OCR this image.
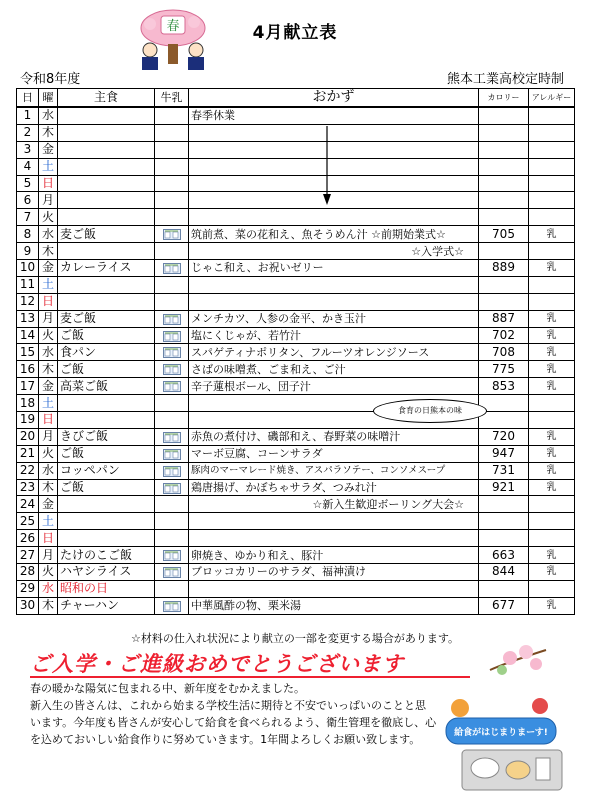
4月献立表
春
令和8年度	熊本工業高校定時制
日	曜	主食	牛乳	おかず	カロリー	アレルギー
1	水			春季休業		
2	木					
3	金					
4	土					
5	日					
6	月					
7	火					
8	水	麦ご飯		筑前煮、菜の花和え、魚そうめん汁 ☆前期始業式☆	705	乳
9	木			☆入学式☆		
10	金	カレーライス		じゃこ和え、お祝いゼリー	889	乳
11	土					
12	日					
13	月	麦ご飯		メンチカツ、人参の金平、かき玉汁	887	乳
14	火	ご飯		塩にくじゃが、若竹汁	702	乳
15	水	食パン		スパゲティナポリタン、フルーツオレンジソース	708	乳
16	木	ご飯		さばの味噌煮、ごま和え、ご汁	775	乳
17	金	高菜ご飯		辛子蓮根ボール、団子汁	853	乳
18	土					
19	日					
20	月	きびご飯		赤魚の煮付け、磯部和え、春野菜の味噌汁	720	乳
21	火	ご飯		マーボ豆腐、コーンサラダ	947	乳
22	水	コッペパン		豚肉のマーマレード焼き、アスパラソテー、コンソメスープ	731	乳
23	木	ご飯		鶏唐揚げ、かぼちゃサラダ、つみれ汁	921	乳
24	金			☆新入生歓迎ボーリング大会☆		
25	土					
26	日					
27	月	たけのこご飯		卵焼き、ゆかり和え、豚汁	663	乳
28	火	ハヤシライス		ブロッコカリーのサラダ、福神漬け	844	乳
29	水	昭和の日				
30	木	チャーハン		中華風酢の物、栗米湯	677	乳
食育の日熊本の味
☆材料の仕入れ状況により献立の一部を変更する場合があります。
ご入学・ご進級おめでとうございます
春の暖かな陽気に包まれる中、新年度をむかえました。
新入生の皆さんは、これから始まる学校生活に期待と不安でいっぱいのことと思
います。今年度も皆さんが安心して給食を食べられるよう、衛生管理を徹底し、心
を込めておいしい給食作りに努めていきます。1年間よろしくお願い致します。	給食がはじまりまーす!
